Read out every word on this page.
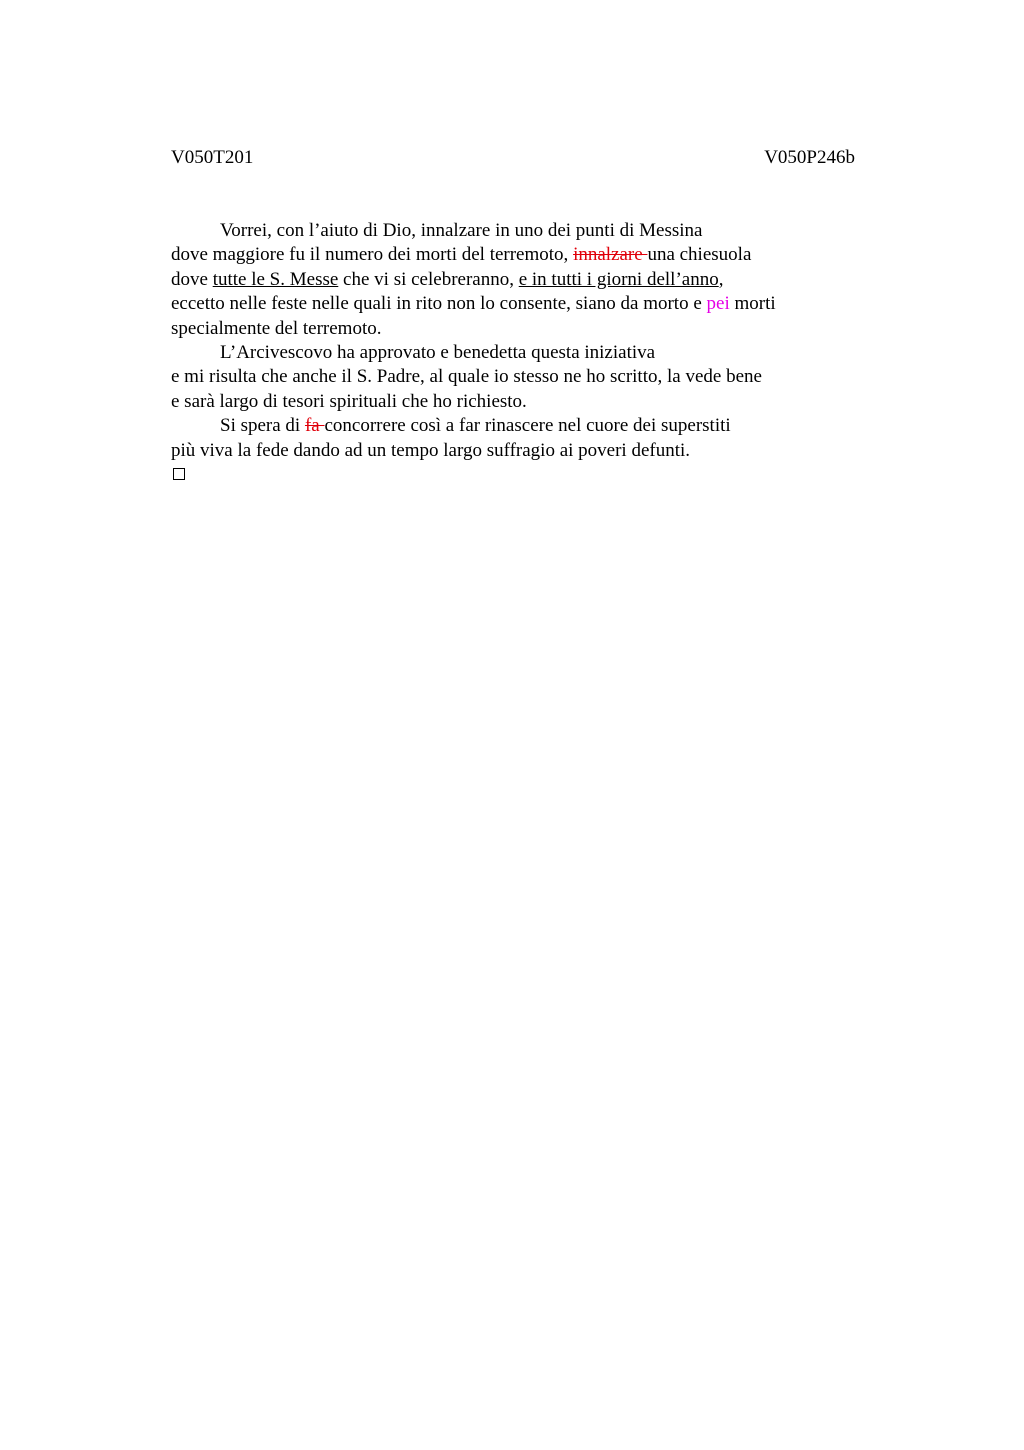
V050T201	V050P246b
Vorrei, con l’aiuto di Dio, innalzare in uno dei punti di Messina
dove maggiore fu il numero dei morti del terremoto, innalzare una chiesuola
dove tutte le S. Messe che vi si celebreranno, e in tutti i giorni dell’anno,
eccetto nelle feste nelle quali in rito non lo consente, siano da morto e pei morti
specialmente del terremoto.
L’Arcivescovo ha approvato e benedetta questa iniziativa
e mi risulta che anche il S. Padre, al quale io stesso ne ho scritto, la vede bene
e sarà largo di tesori spirituali che ho richiesto.
Si spera di fa concorrere così a far rinascere nel cuore dei superstiti
più viva la fede dando ad un tempo largo suffragio ai poveri defunti.
